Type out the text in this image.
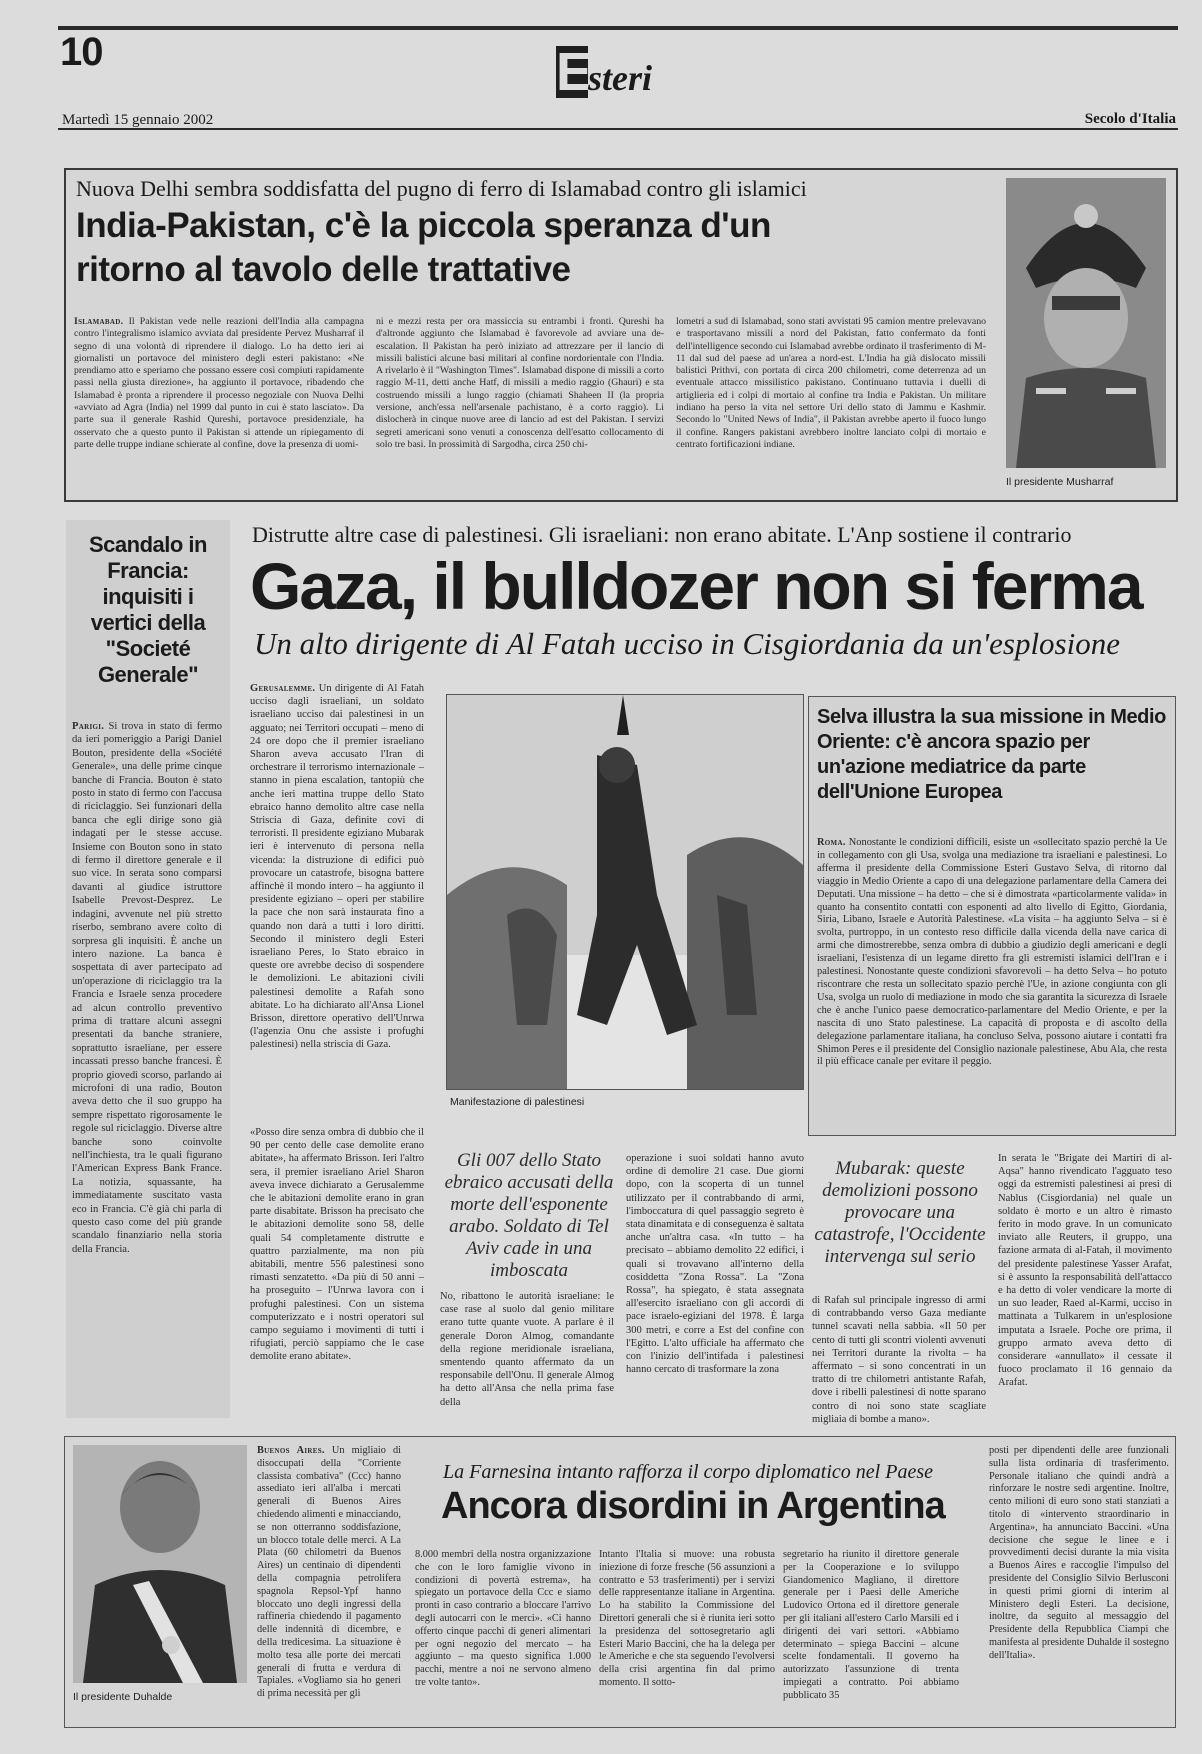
10	Esteri
Martedì 15 gennaio 2002	Secolo d'Italia
Nuova Delhi sembra soddisfatta del pugno di ferro di Islamabad contro gli islamici
India-Pakistan, c'è la piccola speranza d'un ritorno al tavolo delle trattative
Islamabad. Il Pakistan vede nelle reazioni dell'India alla campagna contro l'integralismo islamico avviata dal presidente Pervez Musharraf il segno di una volontà di riprendere il dialogo. Lo ha detto ieri ai giornalisti un portavoce del ministero degli esteri pakistano: «Ne prendiamo atto e speriamo che possano essere così compiuti rapidamente passi nella giusta direzione», ha aggiunto il portavoce, ribadendo che Islamabad è pronta a riprendere il processo negoziale con Nuova Delhi «avviato ad Agra (India) nel 1999 dal punto in cui è stato lasciato». Da parte sua il generale Rashid Qureshi, portavoce presidenziale, ha osservato che a questo punto il Pakistan si attende un ripiegamento di parte delle truppe indiane schierate al confine, dove la presenza di uomi-
ni e mezzi resta per ora massiccia su entrambi i fronti. Qureshi ha d'altronde aggiunto che Islamabad è favorevole ad avviare una de-escalation. Il Pakistan ha però iniziato ad attrezzare per il lancio di missili balistici alcune basi militari al confine nordorientale con l'India. A rivelarlo è il "Washington Times". Islamabad dispone di missili a corto raggio M-11, detti anche Hatf, di missili a medio raggio (Ghauri) e sta costruendo missili a lungo raggio (chiamati Shaheen II (la propria versione, anch'essa nell'arsenale pachistano, è a corto raggio). Li dislocherà in cinque nuove aree di lancio ad est del Pakistan. I servizi segreti americani sono venuti a conoscenza dell'esatto collocamento di solo tre basi. In prossimità di Sargodha, circa 250 chi-
lometri a sud di Islamabad, sono stati avvistati 95 camion mentre prelevavano e trasportavano missili a nord del Pakistan, fatto confermato da fonti dell'intelligence secondo cui Islamabad avrebbe ordinato il trasferimento di M-11 dal sud del paese ad un'area a nord-est. L'India ha già dislocato missili balistici Prithvi, con portata di circa 200 chilometri, come deterrenza ad un eventuale attacco missilistico pakistano. Continuano tuttavia i duelli di artiglieria ed i colpi di mortaio al confine tra India e Pakistan. Un militare indiano ha perso la vita nel settore Uri dello stato di Jammu e Kashmir. Secondo lo "United News of India", il Pakistan avrebbe aperto il fuoco lungo il confine. Rangers pakistani avrebbero inoltre lanciato colpi di mortaio e centrato fortificazioni indiane.
Il presidente Musharraf
Scandalo in Francia: inquisiti i vertici della "Societé Generale"
Parigi. Si trova in stato di fermo da ieri pomeriggio a Parigi Daniel Bouton, presidente della «Société Generale», una delle prime cinque banche di Francia. Bouton è stato posto in stato di fermo con l'accusa di riciclaggio. Sei funzionari della banca che egli dirige sono già indagati per le stesse accuse. Insieme con Bouton sono in stato di fermo il direttore generale e il suo vice. In serata sono comparsi davanti al giudice istruttore Isabelle Prevost-Desprez. Le indagini, avvenute nel più stretto riserbo, sembrano avere colto di sorpresa gli inquisiti. È anche un intero nazione. La banca è sospettata di aver partecipato ad un'operazione di riciclaggio tra la Francia e Israele senza procedere ad alcun controllo preventivo prima di trattare alcuni assegni presentati da banche straniere, soprattutto israeliane, per essere incassati presso banche francesi. È proprio giovedì scorso, parlando ai microfoni di una radio, Bouton aveva detto che il suo gruppo ha sempre rispettato rigorosamente le regole sul riciclaggio. Diverse altre banche sono coinvolte nell'inchiesta, tra le quali figurano l'American Express Bank France. La notizia, squassante, ha immediatamente suscitato vasta eco in Francia. C'è già chi parla di questo caso come del più grande scandalo finanziario nella storia della Francia.
Distrutte altre case di palestinesi. Gli israeliani: non erano abitate. L'Anp sostiene il contrario
Gaza, il bulldozer non si ferma
Un alto dirigente di Al Fatah ucciso in Cisgiordania da un'esplosione
Gerusalemme. Un dirigente di Al Fatah ucciso dagli israeliani, un soldato israeliano ucciso dai palestinesi in un agguato; nei Territori occupati – meno di 24 ore dopo che il premier israeliano Sharon aveva accusato l'Iran di orchestrare il terrorismo internazionale – stanno in piena escalation, tantopiù che anche ieri mattina truppe dello Stato ebraico hanno demolito altre case nella Striscia di Gaza, definite covi di terroristi. Il presidente egiziano Mubarak ieri è intervenuto di persona nella vicenda: la distruzione di edifici può provocare un catastrofe, bisogna battere affinchè il mondo intero – ha aggiunto il presidente egiziano – operi per stabilire la pace che non sarà instaurata fino a quando non darà a tutti i loro diritti. Secondo il ministero degli Esteri israeliano Peres, lo Stato ebraico in queste ore avrebbe deciso di sospendere le demolizioni. Le abitazioni civili palestinesi demolite a Rafah sono abitate. Lo ha dichiarato all'Ansa Lionel Brisson, direttore operativo dell'Unrwa (l'agenzia Onu che assiste i profughi palestinesi) nella striscia di Gaza.
«Posso dire senza ombra di dubbio che il 90 per cento delle case demolite erano abitate», ha affermato Brisson. Ieri l'altro sera, il premier israeliano Ariel Sharon aveva invece dichiarato a Gerusalemme che le abitazioni demolite erano in gran parte disabitate. Brisson ha precisato che le abitazioni demolite sono 58, delle quali 54 completamente distrutte e quattro parzialmente, ma non più abitabili, mentre 556 palestinesi sono rimasti senzatetto. «Da più di 50 anni – ha proseguito – l'Unrwa lavora con i profughi palestinesi. Con un sistema computerizzato e i nostri operatori sul campo seguiamo i movimenti di tutti i rifugiati, perciò sappiamo che le case demolite erano abitate».
Manifestazione di palestinesi
Gli 007 dello Stato ebraico accusati della morte dell'esponente arabo. Soldato di Tel Aviv cade in una imboscata
No, ribattono le autorità israeliane: le case rase al suolo dal genio militare erano tutte quante vuote. A parlare è il generale Doron Almog, comandante della regione meridionale israeliana, smentendo quanto affermato da un responsabile dell'Onu. Il generale Almog ha detto all'Ansa che nella prima fase della
operazione i suoi soldati hanno avuto ordine di demolire 21 case. Due giorni dopo, con la scoperta di un tunnel utilizzato per il contrabbando di armi, l'imboccatura di quel passaggio segreto è stata dinamitata e di conseguenza è saltata anche un'altra casa. «In tutto – ha precisato – abbiamo demolito 22 edifici, i quali si trovavano all'interno della cosiddetta "Zona Rossa". La "Zona Rossa", ha spiegato, è stata assegnata all'esercito israeliano con gli accordi di pace israelo-egiziani del 1978. È larga 300 metri, e corre a Est del confine con l'Egitto. L'alto ufficiale ha affermato che con l'inizio dell'intifada i palestinesi hanno cercato di trasformare la zona
Selva illustra la sua missione in Medio Oriente: c'è ancora spazio per un'azione mediatrice da parte dell'Unione Europea
Roma. Nonostante le condizioni difficili, esiste un «sollecitato spazio perchè la Ue in collegamento con gli Usa, svolga una mediazione tra israeliani e palestinesi. Lo afferma il presidente della Commissione Esteri Gustavo Selva, di ritorno dal viaggio in Medio Oriente a capo di una delegazione parlamentare della Camera dei Deputati. Una missione – ha detto – che si è dimostrata «particolarmente valida» in quanto ha consentito contatti con esponenti ad alto livello di Egitto, Giordania, Siria, Libano, Israele e Autorità Palestinese. «La visita – ha aggiunto Selva – si è svolta, purtroppo, in un contesto reso difficile dalla vicenda della nave carica di armi che dimostrerebbe, senza ombra di dubbio a giudizio degli americani e degli israeliani, l'esistenza di un legame diretto fra gli estremisti islamici dell'Iran e i palestinesi. Nonostante queste condizioni sfavorevoli – ha detto Selva – ho potuto riscontrare che resta un sollecitato spazio perchè l'Ue, in azione congiunta con gli Usa, svolga un ruolo di mediazione in modo che sia garantita la sicurezza di Israele che è anche l'unico paese democratico-parlamentare del Medio Oriente, e per la nascita di uno Stato palestinese. La capacità di proposta e di ascolto della delegazione parlamentare italiana, ha concluso Selva, possono aiutare i contatti fra Shimon Peres e il presidente del Consiglio nazionale palestinese, Abu Ala, che resta il più efficace canale per evitare il peggio.
Mubarak: queste demolizioni possono provocare una catastrofe, l'Occidente intervenga sul serio
di Rafah sul principale ingresso di armi di contrabbando verso Gaza mediante tunnel scavati nella sabbia. «Il 50 per cento di tutti gli scontri violenti avvenuti nei Territori durante la rivolta – ha affermato – si sono concentrati in un tratto di tre chilometri antistante Rafah, dove i ribelli palestinesi di notte sparano contro di noi sono state scagliate migliaia di bombe a mano».
In serata le "Brigate dei Martiri di al-Aqsa" hanno rivendicato l'agguato teso oggi da estremisti palestinesi ai presi di Nablus (Cisgiordania) nel quale un soldato è morto e un altro è rimasto ferito in modo grave. In un comunicato inviato alle Reuters, il gruppo, una fazione armata di al-Fatah, il movimento del presidente palestinese Yasser Arafat, si è assunto la responsabilità dell'attacco e ha detto di voler vendicare la morte di un suo leader, Raed al-Karmi, ucciso in mattinata a Tulkarem in un'esplosione imputata a Israele. Poche ore prima, il gruppo armato aveva detto di considerare «annullato» il cessate il fuoco proclamato il 16 gennaio da Arafat.
Il presidente Duhalde
Buenos Aires. Un migliaio di disoccupati della "Corriente classista combativa" (Ccc) hanno assediato ieri all'alba i mercati generali di Buenos Aires chiedendo alimenti e minacciando, se non otterranno soddisfazione, un blocco totale delle merci. A La Plata (60 chilometri da Buenos Aires) un centinaio di dipendenti della compagnia petrolifera spagnola Repsol-Ypf hanno bloccato uno degli ingressi della raffineria chiedendo il pagamento delle indennità di dicembre, e della tredicesima. La situazione è molto tesa alle porte dei mercati generali di frutta e verdura di Tapiales. «Vogliamo sia ho generi di prima necessità per gli
La Farnesina intanto rafforza il corpo diplomatico nel Paese
Ancora disordini in Argentina
8.000 membri della nostra organizzazione che con le loro famiglie vivono in condizioni di povertà estrema», ha spiegato un portavoce della Ccc e siamo pronti in caso contrario a bloccare l'arrivo degli autocarri con le merci». «Ci hanno offerto cinque pacchi di generi alimentari per ogni negozio del mercato – ha aggiunto – ma questo significa 1.000 pacchi, mentre a noi ne servono almeno tre volte tanto».
Intanto l'Italia si muove: una robusta iniezione di forze fresche (56 assunzioni a contratto e 53 trasferimenti) per i servizi delle rappresentanze italiane in Argentina. Lo ha stabilito la Commissione del Direttori generali che si è riunita ieri sotto la presidenza del sottosegretario agli Esteri Mario Baccini, che ha la delega per le Americhe e che sta seguendo l'evolversi della crisi argentina fin dal primo momento. Il sotto-
segretario ha riunito il direttore generale per la Cooperazione e lo sviluppo Giandomenico Magliano, il direttore generale per i Paesi delle Americhe Ludovico Ortona ed il direttore generale per gli italiani all'estero Carlo Marsili ed i dirigenti dei vari settori. «Abbiamo determinato – spiega Baccini – alcune scelte fondamentali. Il governo ha autorizzato l'assunzione di trenta impiegati a contratto. Poi abbiamo pubblicato 35
posti per dipendenti delle aree funzionali sulla lista ordinaria di trasferimento. Personale italiano che quindi andrà a rinforzare le nostre sedi argentine. Inoltre, cento milioni di euro sono stati stanziati a titolo di «intervento straordinario in Argentina», ha annunciato Baccini. «Una decisione che segue le linee e i provvedimenti decisi durante la mia visita a Buenos Aires e raccoglie l'impulso del presidente del Consiglio Silvio Berlusconi in questi primi giorni di interim al Ministero degli Esteri. La decisione, inoltre, da seguito al messaggio del Presidente della Repubblica Ciampi che manifesta al presidente Duhalde il sostegno dell'Italia».
